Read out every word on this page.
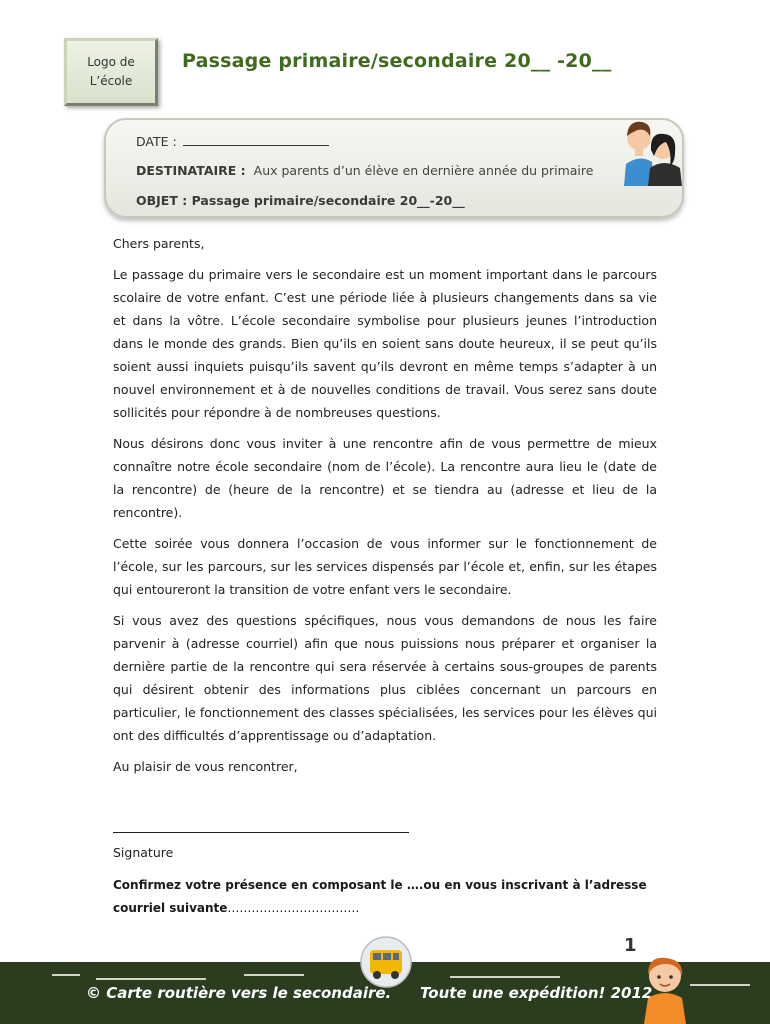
Logo de
L’école
Passage primaire/secondaire 20__ -20__
DATE :
DESTINATAIRE : Aux parents d’un élève en dernière année du primaire
OBJET : Passage primaire/secondaire 20__-20__

Chers parents,

Le passage du primaire vers le secondaire est un moment important dans le parcours scolaire de votre enfant. C’est une période liée à plusieurs changements dans sa vie et dans la vôtre. L’école secondaire symbolise pour plusieurs jeunes l’introduction dans le monde des grands. Bien qu’ils en soient sans doute heureux, il se peut qu’ils soient aussi inquiets puisqu’ils savent qu’ils devront en même temps s’adapter à un nouvel environnement et à de nouvelles conditions de travail. Vous serez sans doute sollicités pour répondre à de nombreuses questions.

Nous désirons donc vous inviter à une rencontre afin de vous permettre de mieux connaître notre école secondaire (nom de l’école). La rencontre aura lieu le (date de la rencontre) de (heure de la rencontre) et se tiendra au (adresse et lieu de la rencontre).

Cette soirée vous donnera l’occasion de vous informer sur le fonctionnement de l’école, sur les parcours, sur les services dispensés par l’école et, enfin, sur les étapes qui entoureront la transition de votre enfant vers le secondaire.

Si vous avez des questions spécifiques, nous vous demandons de nous les faire parvenir à (adresse courriel) afin que nous puissions nous préparer et organiser la dernière partie de la rencontre qui sera réservée à certains sous-groupes de parents qui désirent obtenir des informations plus ciblées concernant un parcours en particulier, le fonctionnement des classes spécialisées, les services pour les élèves qui ont des difficultés d’apprentissage ou d’adaptation.

Au plaisir de vous rencontrer,

Signature
Confirmez votre présence en composant le ….ou en vous inscrivant à l’adresse courriel suivante……………………………
1
© Carte routière vers le secondaire. Toute une expédition! 2012
